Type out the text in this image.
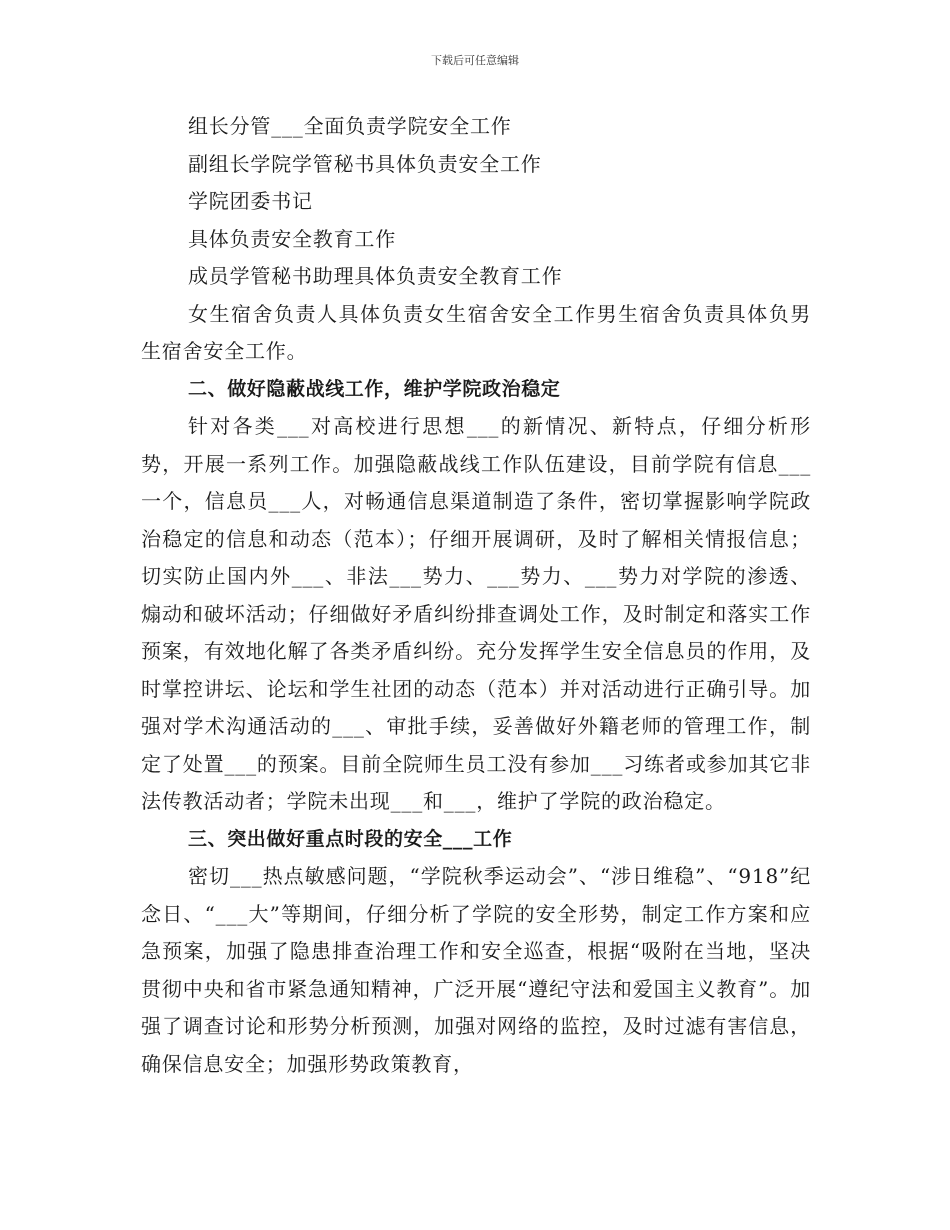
下载后可任意编辑

组长分管___全面负责学院安全工作

副组长学院学管秘书具体负责安全工作

学院团委书记

具体负责安全教育工作

成员学管秘书助理具体负责安全教育工作

女生宿舍负责人具体负责女生宿舍安全工作男生宿舍负责具体负男生宿舍安全工作。

二、做好隐蔽战线工作，维护学院政治稳定

针对各类___对高校进行思想___的新情况、新特点，仔细分析形势，开展一系列工作。加强隐蔽战线工作队伍建设，目前学院有信息___一个，信息员___人，对畅通信息渠道制造了条件，密切掌握影响学院政治稳定的信息和动态（范本）；仔细开展调研，及时了解相关情报信息；切实防止国内外___、非法___势力、___势力、___势力对学院的渗透、煽动和破坏活动；仔细做好矛盾纠纷排查调处工作，及时制定和落实工作预案，有效地化解了各类矛盾纠纷。充分发挥学生安全信息员的作用，及时掌控讲坛、论坛和学生社团的动态（范本）并对活动进行正确引导。加强对学术沟通活动的___、审批手续，妥善做好外籍老师的管理工作，制定了处置___的预案。目前全院师生员工没有参加___习练者或参加其它非法传教活动者；学院未出现___和___，维护了学院的政治稳定。

三、突出做好重点时段的安全___工作

密切___热点敏感问题，“学院秋季运动会”、“涉日维稳”、“918”纪念日、“___大”等期间，仔细分析了学院的安全形势，制定工作方案和应急预案，加强了隐患排查治理工作和安全巡查，根据“吸附在当地，坚决贯彻中央和省市紧急通知精神，广泛开展“遵纪守法和爱国主义教育”。加强了调查讨论和形势分析预测，加强对网络的监控，及时过滤有害信息，确保信息安全；加强形势政策教育，
